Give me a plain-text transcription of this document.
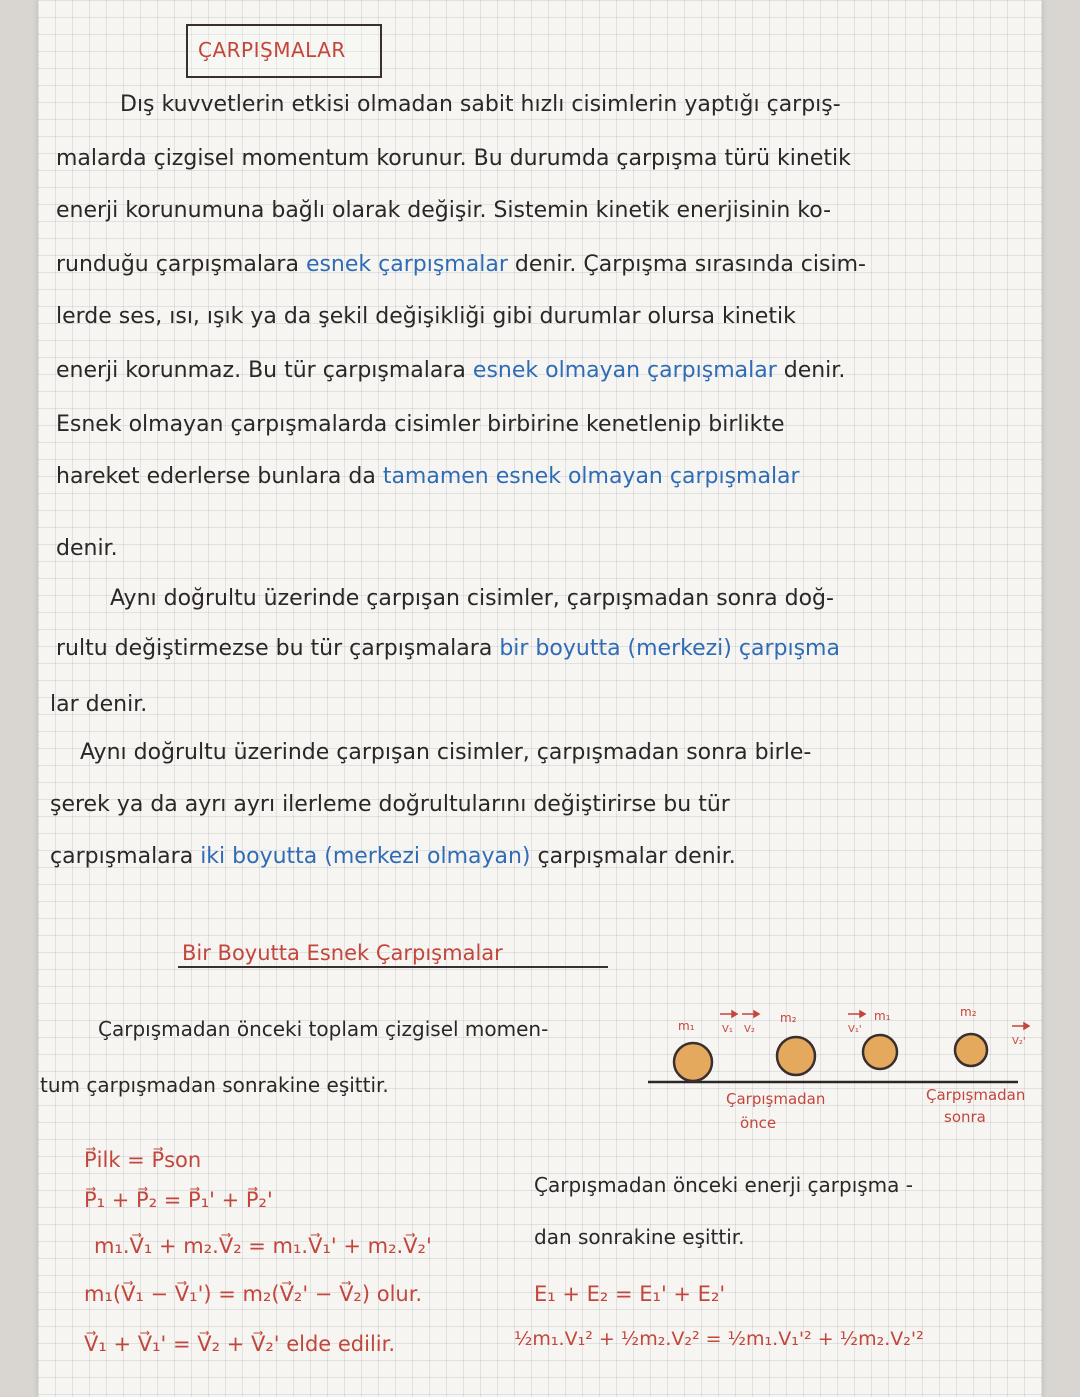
ÇARPIŞMALAR
Dış kuvvetlerin etkisi olmadan sabit hızlı cisimlerin yaptığı çarpış-
malarda çizgisel momentum korunur. Bu durumda çarpışma türü kinetik
enerji korunumuna bağlı olarak değişir. Sistemin kinetik enerjisinin ko-
runduğu çarpışmalara esnek çarpışmalar denir. Çarpışma sırasında cisim-
lerde ses, ısı, ışık ya da şekil değişikliği gibi durumlar olursa kinetik
enerji korunmaz. Bu tür çarpışmalara esnek olmayan çarpışmalar denir.
Esnek olmayan çarpışmalarda cisimler birbirine kenetlenip birlikte
hareket ederlerse bunlara da tamamen esnek olmayan çarpışmalar
denir.
Aynı doğrultu üzerinde çarpışan cisimler, çarpışmadan sonra doğ-
rultu değiştirmezse bu tür çarpışmalara bir boyutta (merkezi) çarpışma
lar denir.
Aynı doğrultu üzerinde çarpışan cisimler, çarpışmadan sonra birle-
şerek ya da ayrı ayrı ilerleme doğrultularını değiştirirse bu tür
çarpışmalara iki boyutta (merkezi olmayan) çarpışmalar denir.
Bir Boyutta Esnek Çarpışmalar
Çarpışmadan önceki toplam çizgisel momen-
tum çarpışmadan sonrakine eşittir.
m₁
m₂	m₁	m₂
V₁ V₂	V₁'
V₂'
Çarpışmadan
önce
Çarpışmadan
sonra
P⃗ilk = P⃗son
P⃗₁ + P⃗₂ = P⃗₁' + P⃗₂'
m₁.V⃗₁ + m₂.V⃗₂ = m₁.V⃗₁' + m₂.V⃗₂'
m₁(V⃗₁ − V⃗₁') = m₂(V⃗₂' − V⃗₂) olur.
V⃗₁ + V⃗₁' = V⃗₂ + V⃗₂' elde edilir.
Çarpışmadan önceki enerji çarpışma -
dan sonrakine eşittir.
E₁ + E₂ = E₁' + E₂'
½m₁.V₁² + ½m₂.V₂² = ½m₁.V₁'² + ½m₂.V₂'²
